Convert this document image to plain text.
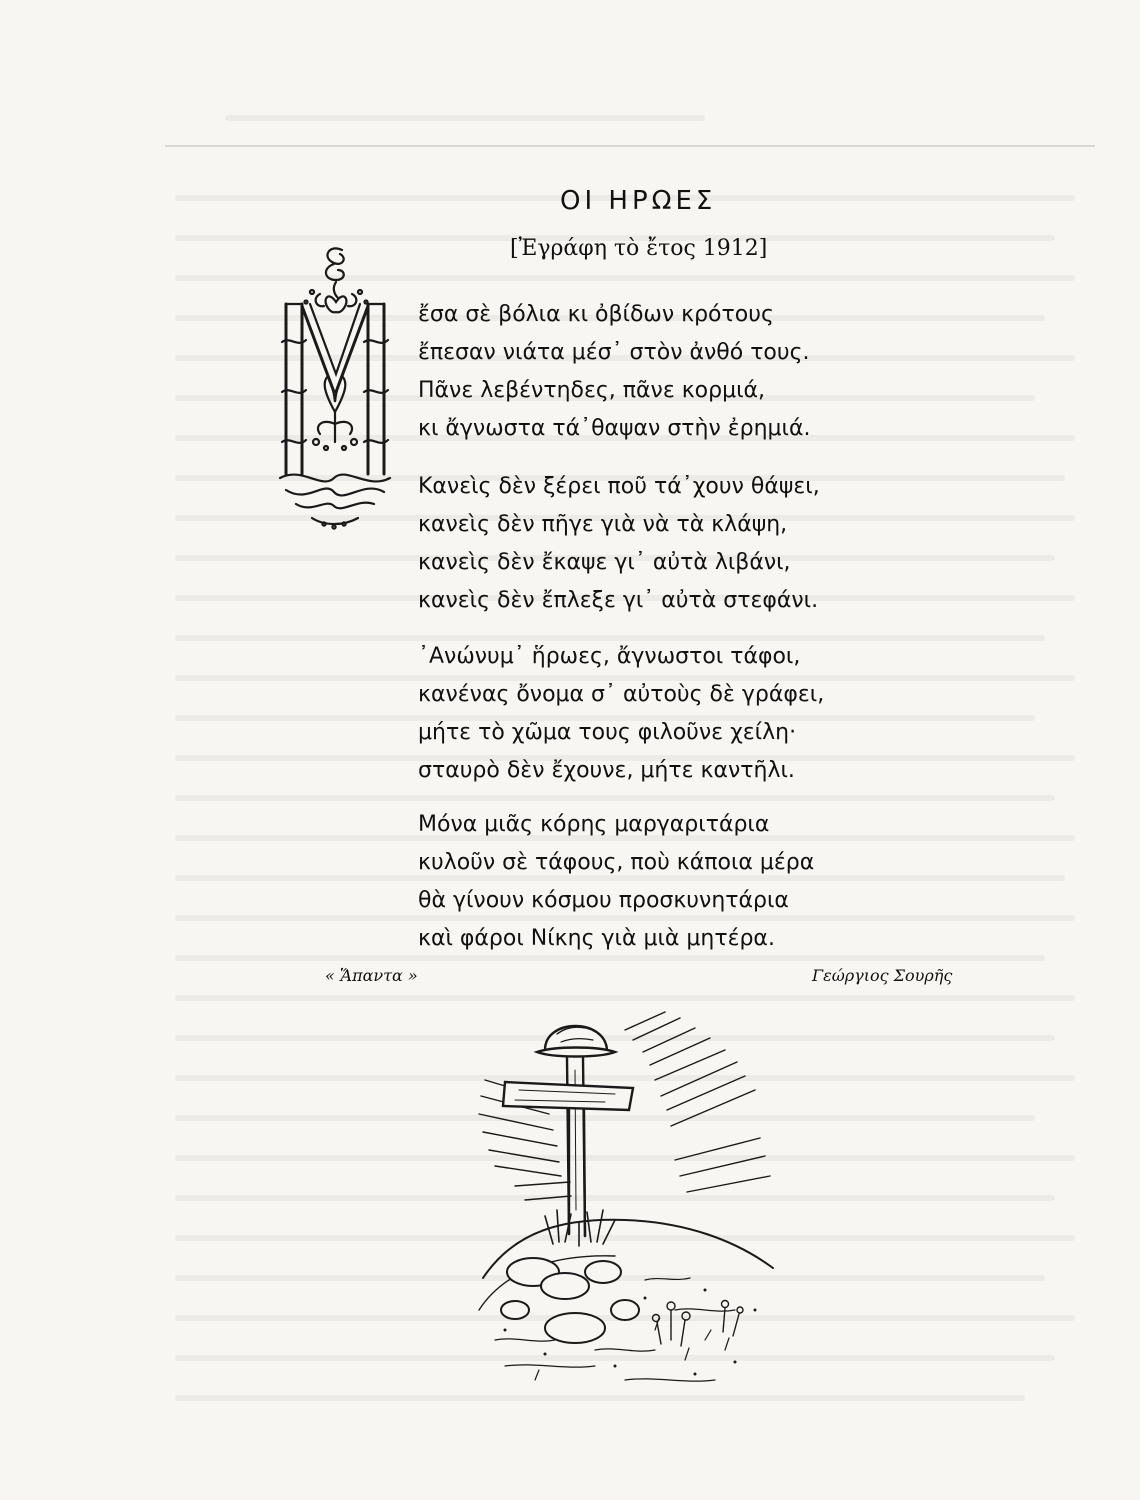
ΟΙ ΗΡΩΕΣ
[Ἐγράφη τὸ ἔτος 1912]
ἔσα σὲ βόλια κι ὀβίδων κρότους
ἔπεσαν νιάτα μέσ᾽ στὸν ἀνθό τους.
Πᾶνε λεβέντηδες, πᾶνε κορμιά,
κι ἄγνωστα τά᾽θαψαν στὴν ἐρημιά.
Κανεὶς δὲν ξέρει ποῦ τά᾽χουν θάψει,
κανεὶς δὲν πῆγε γιὰ νὰ τὰ κλάψη,
κανεὶς δὲν ἔκαψε γι᾽ αὐτὰ λιβάνι,
κανεὶς δὲν ἔπλεξε γι᾽ αὐτὰ στεφάνι.
᾽Ανώνυμ᾽ ἥρωες, ἄγνωστοι τάφοι,
κανένας ὄνομα σ᾽ αὐτοὺς δὲ γράφει,
μήτε τὸ χῶμα τους φιλοῦνε χείλη·
σταυρὸ δὲν ἔχουνε, μήτε καντῆλι.
Μόνα μιᾶς κόρης μαργαριτάρια
κυλοῦν σὲ τάφους, ποὺ κάποια μέρα
θὰ γίνουν κόσμου προσκυνητάρια
καὶ φάροι Νίκης γιὰ μιὰ μητέρα.
« Ἅπαντα »	Γεώργιος Σουρῆς
